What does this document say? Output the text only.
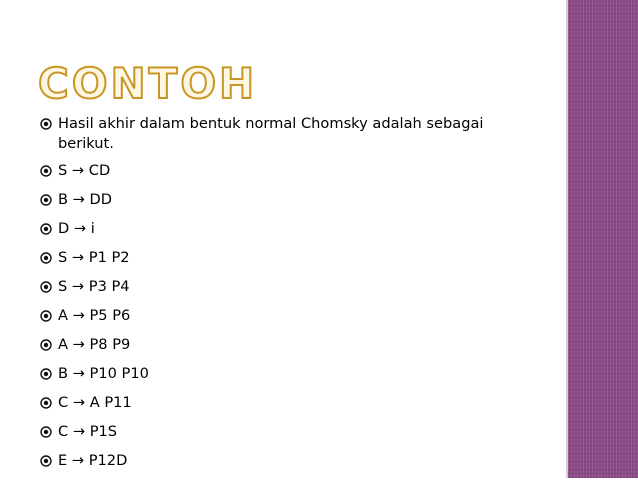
CONTOH
Hasil akhir dalam bentuk normal Chomsky adalah sebagai berikut.
S → CD
B → DD
D → i
S → P1 P2
S → P3 P4
A → P5 P6
A → P8 P9
B → P10 P10
C → A P11
C → P1S
E → P12D
